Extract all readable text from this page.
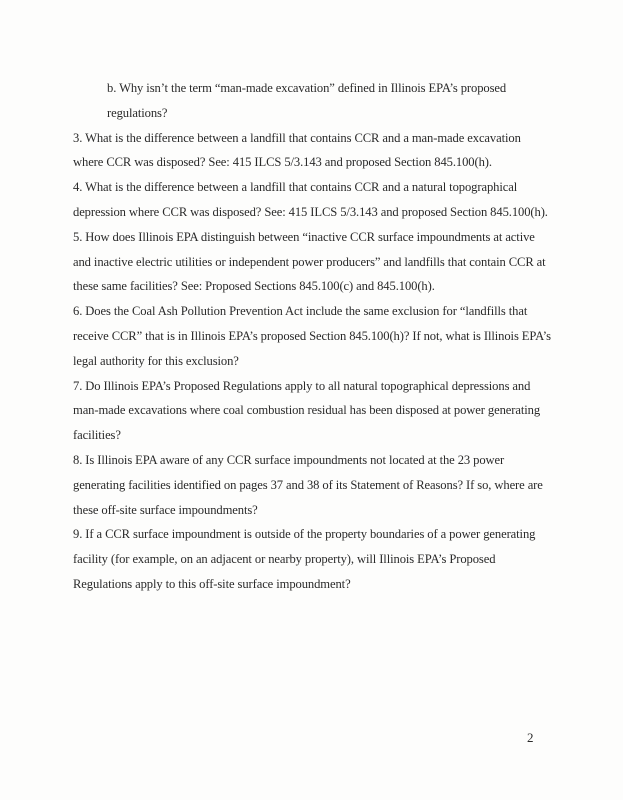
b. Why isn’t the term “man-made excavation” defined in Illinois EPA’s proposed regulations?

3. What is the difference between a landfill that contains CCR and a man-made excavation where CCR was disposed? See: 415 ILCS 5/3.143 and proposed Section 845.100(h).

4. What is the difference between a landfill that contains CCR and a natural topographical depression where CCR was disposed? See: 415 ILCS 5/3.143 and proposed Section 845.100(h).

5. How does Illinois EPA distinguish between “inactive CCR surface impoundments at active and inactive electric utilities or independent power producers” and landfills that contain CCR at these same facilities? See: Proposed Sections 845.100(c) and 845.100(h).

6. Does the Coal Ash Pollution Prevention Act include the same exclusion for “landfills that receive CCR” that is in Illinois EPA’s proposed Section 845.100(h)? If not, what is Illinois EPA’s legal authority for this exclusion?

7. Do Illinois EPA’s Proposed Regulations apply to all natural topographical depressions and man-made excavations where coal combustion residual has been disposed at power generating facilities?

8. Is Illinois EPA aware of any CCR surface impoundments not located at the 23 power generating facilities identified on pages 37 and 38 of its Statement of Reasons? If so, where are these off-site surface impoundments?

9. If a CCR surface impoundment is outside of the property boundaries of a power generating facility (for example, on an adjacent or nearby property), will Illinois EPA’s Proposed Regulations apply to this off-site surface impoundment?

2
